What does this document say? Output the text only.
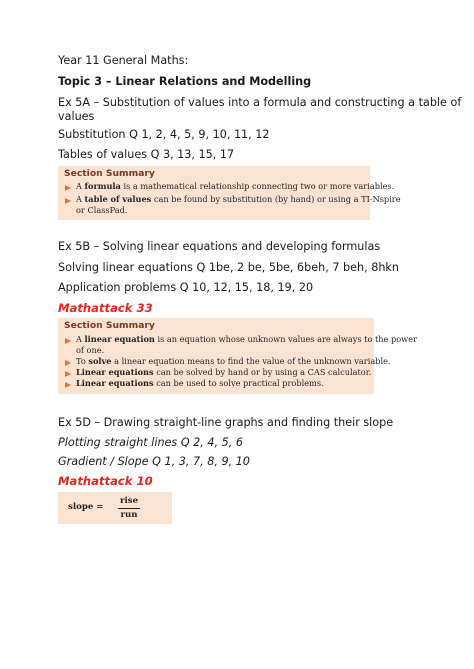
Year 11 General Maths:
Topic 3 – Linear Relations and Modelling
Ex 5A – Substitution of values into a formula and constructing a table of
values
Substitution Q 1, 2, 4, 5, 9, 10, 11, 12
Tables of values Q 3, 13, 15, 17
Section Summary
A formula is a mathematical relationship connecting two or more variables.
A table of values can be found by substitution (by hand) or using a TI-Nspire
or ClassPad.
Ex 5B – Solving linear equations and developing formulas
Solving linear equations Q 1be, 2 be, 5be, 6beh, 7 beh, 8hkn
Application problems Q 10, 12, 15, 18, 19, 20
Mathattack 33
Section Summary
A linear equation is an equation whose unknown values are always to the power
of one.
To solve a linear equation means to find the value of the unknown variable.
Linear equations can be solved by hand or by using a CAS calculator.
Linear equations can be used to solve practical problems.
Ex 5D – Drawing straight-line graphs and finding their slope
Plotting straight lines Q 2, 4, 5, 6
Gradient / Slope Q 1, 3, 7, 8, 9, 10
Mathattack 10
slope =
rise
run
